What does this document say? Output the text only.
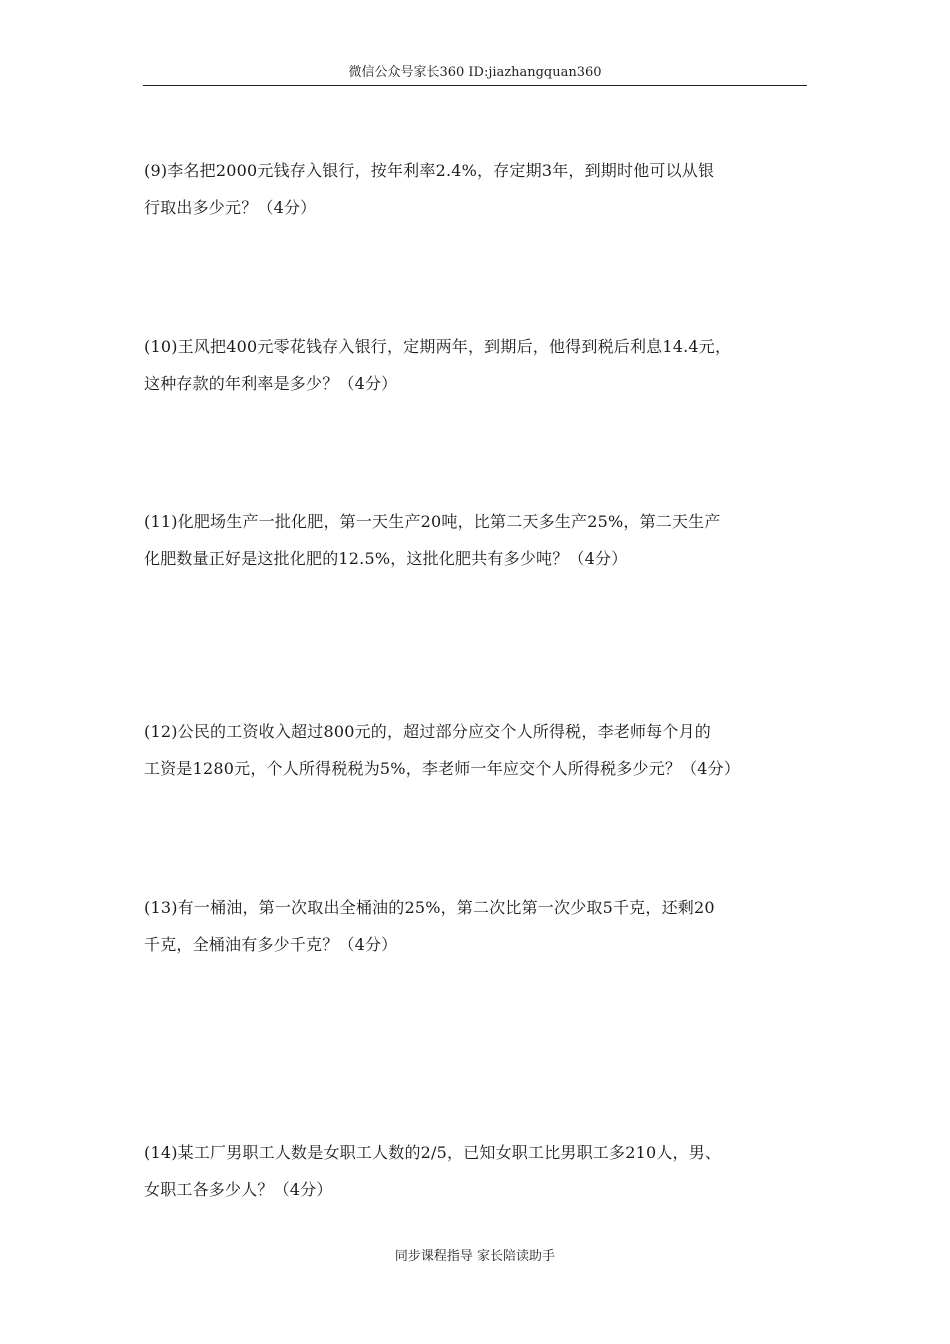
微信公众号家长360 ID:jiazhangquan360
(9)李名把2000元钱存入银行，按年利率2.4%，存定期3年，到期时他可以从银
行取出多少元？（4分）
(10)王风把400元零花钱存入银行，定期两年，到期后，他得到税后利息14.4元，
这种存款的年利率是多少？（4分）
(11)化肥场生产一批化肥，第一天生产20吨，比第二天多生产25%，第二天生产
化肥数量正好是这批化肥的12.5%，这批化肥共有多少吨？（4分）
(12)公民的工资收入超过800元的，超过部分应交个人所得税，李老师每个月的
工资是1280元，个人所得税税为5%，李老师一年应交个人所得税多少元？（4分）
(13)有一桶油，第一次取出全桶油的25%，第二次比第一次少取5千克，还剩20
千克，全桶油有多少千克？（4分）
(14)某工厂男职工人数是女职工人数的2/5，已知女职工比男职工多210人，男、
女职工各多少人？（4分）
同步课程指导 家长陪读助手
